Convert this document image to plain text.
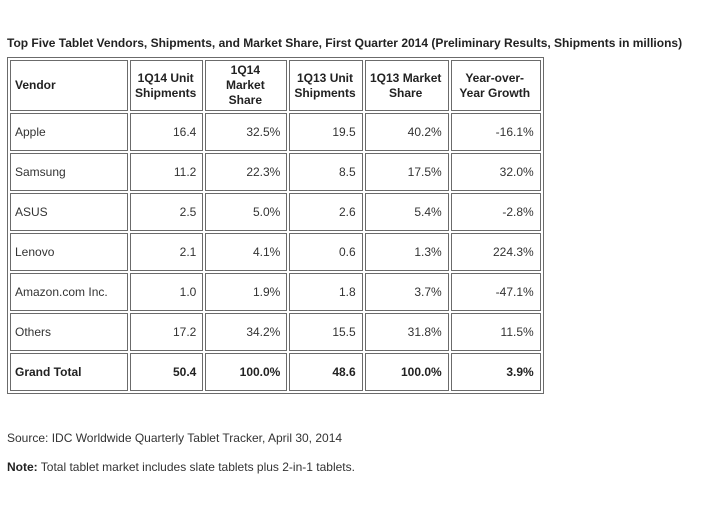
Top Five Tablet Vendors, Shipments, and Market Share, First Quarter 2014 (Preliminary Results, Shipments in millions)
Vendor	1Q14 Unit Shipments	1Q14 Market Share	1Q13 Unit Shipments	1Q13 Market Share	Year-over-Year Growth
Apple	16.4	32.5%	19.5	40.2%	-16.1%
Samsung	11.2	22.3%	8.5	17.5%	32.0%
ASUS	2.5	5.0%	2.6	5.4%	-2.8%
Lenovo	2.1	4.1%	0.6	1.3%	224.3%
Amazon.com Inc.	1.0	1.9%	1.8	3.7%	-47.1%
Others	17.2	34.2%	15.5	31.8%	11.5%
Grand Total	50.4	100.0%	48.6	100.0%	3.9%
Source: IDC Worldwide Quarterly Tablet Tracker, April 30, 2014
Note: Total tablet market includes slate tablets plus 2-in-1 tablets.
